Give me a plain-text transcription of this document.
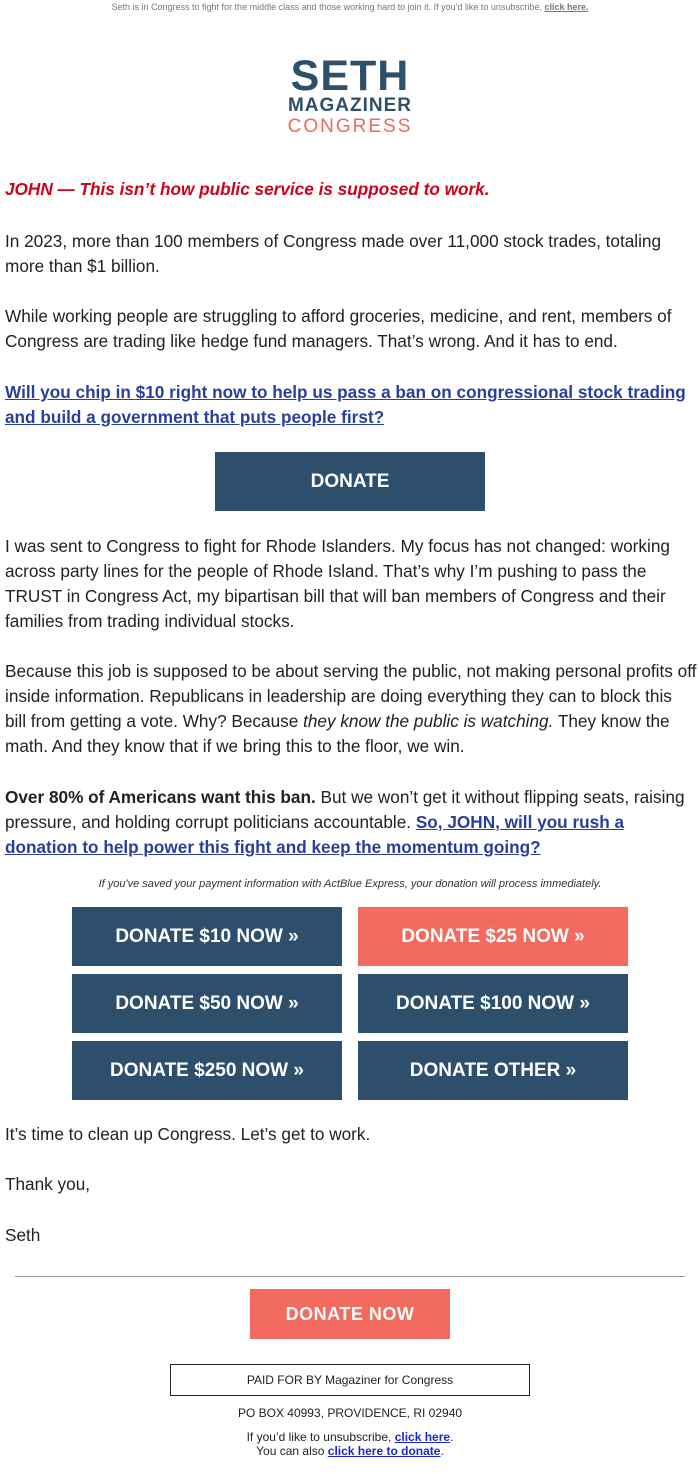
Seth is in Congress to fight for the middle class and those working hard to join it. If you'd like to unsubscribe, click here.
SETH
MAGAZINER
CONGRESS

JOHN — This isn’t how public service is supposed to work.

In 2023, more than 100 members of Congress made over 11,000 stock trades, totaling more than $1 billion.

While working people are struggling to afford groceries, medicine, and rent, members of Congress are trading like hedge fund managers. That’s wrong. And it has to end.

Will you chip in $10 right now to help us pass a ban on congressional stock trading and build a government that puts people first?

DONATE

I was sent to Congress to fight for Rhode Islanders. My focus has not changed: working across party lines for the people of Rhode Island. That’s why I’m pushing to pass the TRUST in Congress Act, my bipartisan bill that will ban members of Congress and their families from trading individual stocks.

Because this job is supposed to be about serving the public, not making personal profits off inside information. Republicans in leadership are doing everything they can to block this bill from getting a vote. Why? Because they know the public is watching. They know the math. And they know that if we bring this to the floor, we win.

Over 80% of Americans want this ban. But we won’t get it without flipping seats, raising pressure, and holding corrupt politicians accountable. So, JOHN, will you rush a donation to help power this fight and keep the momentum going?

If you've saved your payment information with ActBlue Express, your donation will process immediately.
DONATE $10 NOW »	DONATE $25 NOW »
DONATE $50 NOW »	DONATE $100 NOW »
DONATE $250 NOW »	DONATE OTHER »

It’s time to clean up Congress. Let’s get to work.

Thank you,

Seth

DONATE NOW
PAID FOR BY Magaziner for Congress
PO BOX 40993, PROVIDENCE, RI 02940
If you’d like to unsubscribe, click here.
You can also click here to donate.
